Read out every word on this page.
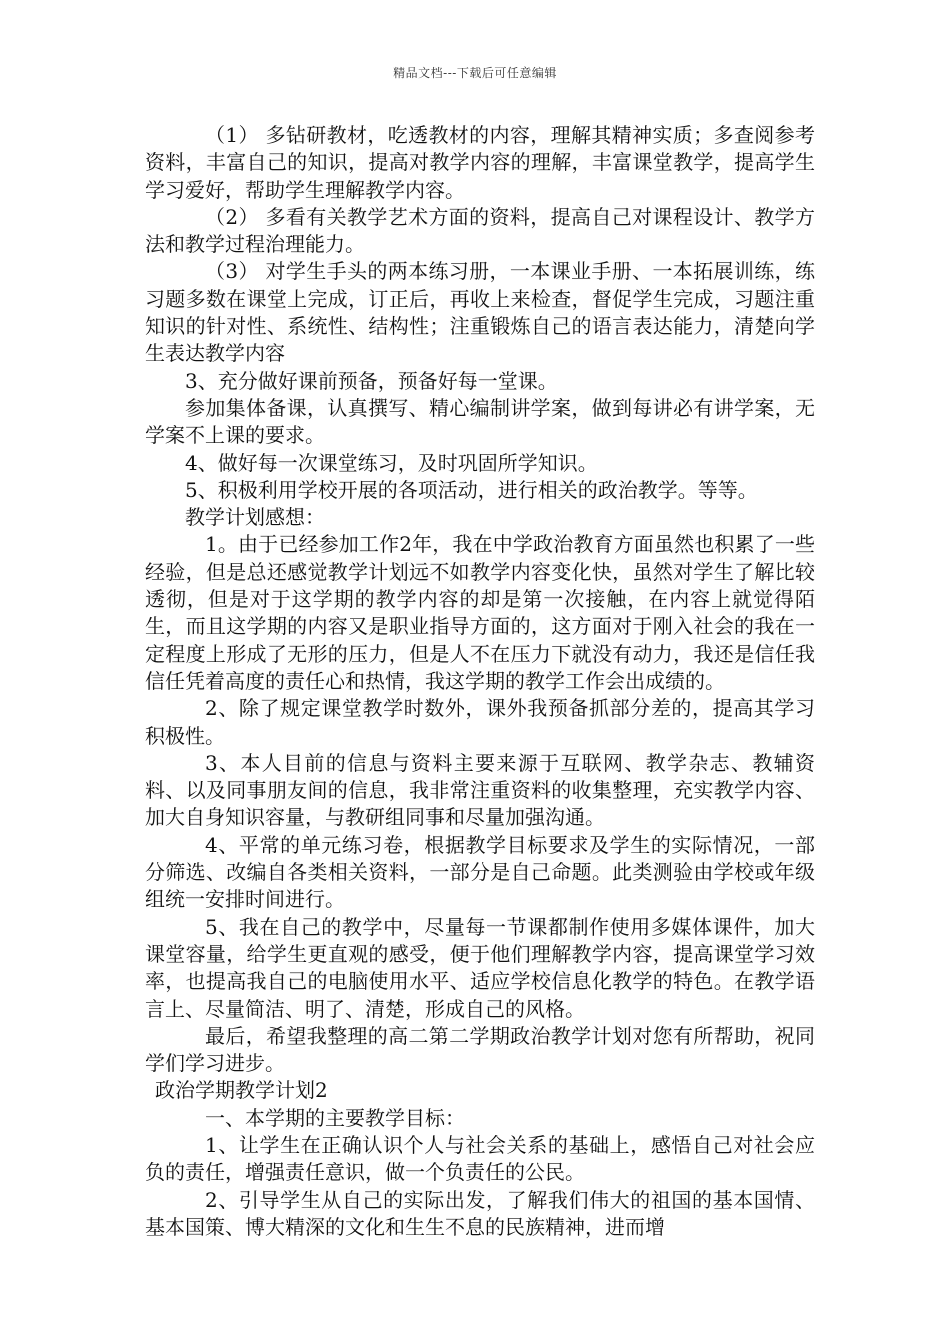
精品文档---下载后可任意编辑

（1） 多钻研教材，吃透教材的内容，理解其精神实质；多查阅参考资料，丰富自己的知识，提高对教学内容的理解，丰富课堂教学，提高学生学习爱好，帮助学生理解教学内容。

（2） 多看有关教学艺术方面的资料，提高自己对课程设计、教学方法和教学过程治理能力。

（3） 对学生手头的两本练习册，一本课业手册、一本拓展训练，练习题多数在课堂上完成，订正后，再收上来检查，督促学生完成，习题注重知识的针对性、系统性、结构性；注重锻炼自己的语言表达能力，清楚向学生表达教学内容

3、充分做好课前预备，预备好每一堂课。

参加集体备课，认真撰写、精心编制讲学案，做到每讲必有讲学案，无学案不上课的要求。

4、做好每一次课堂练习，及时巩固所学知识。

5、积极利用学校开展的各项活动，进行相关的政治教学。等等。

教学计划感想：

1。由于已经参加工作2年，我在中学政治教育方面虽然也积累了一些经验，但是总还感觉教学计划远不如教学内容变化快，虽然对学生了解比较透彻，但是对于这学期的教学内容的却是第一次接触，在内容上就觉得陌生，而且这学期的内容又是职业指导方面的，这方面对于刚入社会的我在一定程度上形成了无形的压力，但是人不在压力下就没有动力，我还是信任我信任凭着高度的责任心和热情，我这学期的教学工作会出成绩的。

2、除了规定课堂教学时数外，课外我预备抓部分差的，提高其学习积极性。

3、本人目前的信息与资料主要来源于互联网、教学杂志、教辅资料、以及同事朋友间的信息，我非常注重资料的收集整理，充实教学内容、加大自身知识容量，与教研组同事和尽量加强沟通。

4、平常的单元练习卷，根据教学目标要求及学生的实际情况，一部分筛选、改编自各类相关资料，一部分是自己命题。此类测验由学校或年级组统一安排时间进行。

5、我在自己的教学中，尽量每一节课都制作使用多媒体课件，加大课堂容量，给学生更直观的感受，便于他们理解教学内容，提高课堂学习效率，也提高我自己的电脑使用水平、适应学校信息化教学的特色。在教学语言上、尽量简洁、明了、清楚，形成自己的风格。

最后，希望我整理的高二第二学期政治教学计划对您有所帮助，祝同学们学习进步。

政治学期教学计划2

一、本学期的主要教学目标：

1、让学生在正确认识个人与社会关系的基础上，感悟自己对社会应负的责任，增强责任意识，做一个负责任的公民。

2、引导学生从自己的实际出发，了解我们伟大的祖国的基本国情、基本国策、博大精深的文化和生生不息的民族精神，进而增
